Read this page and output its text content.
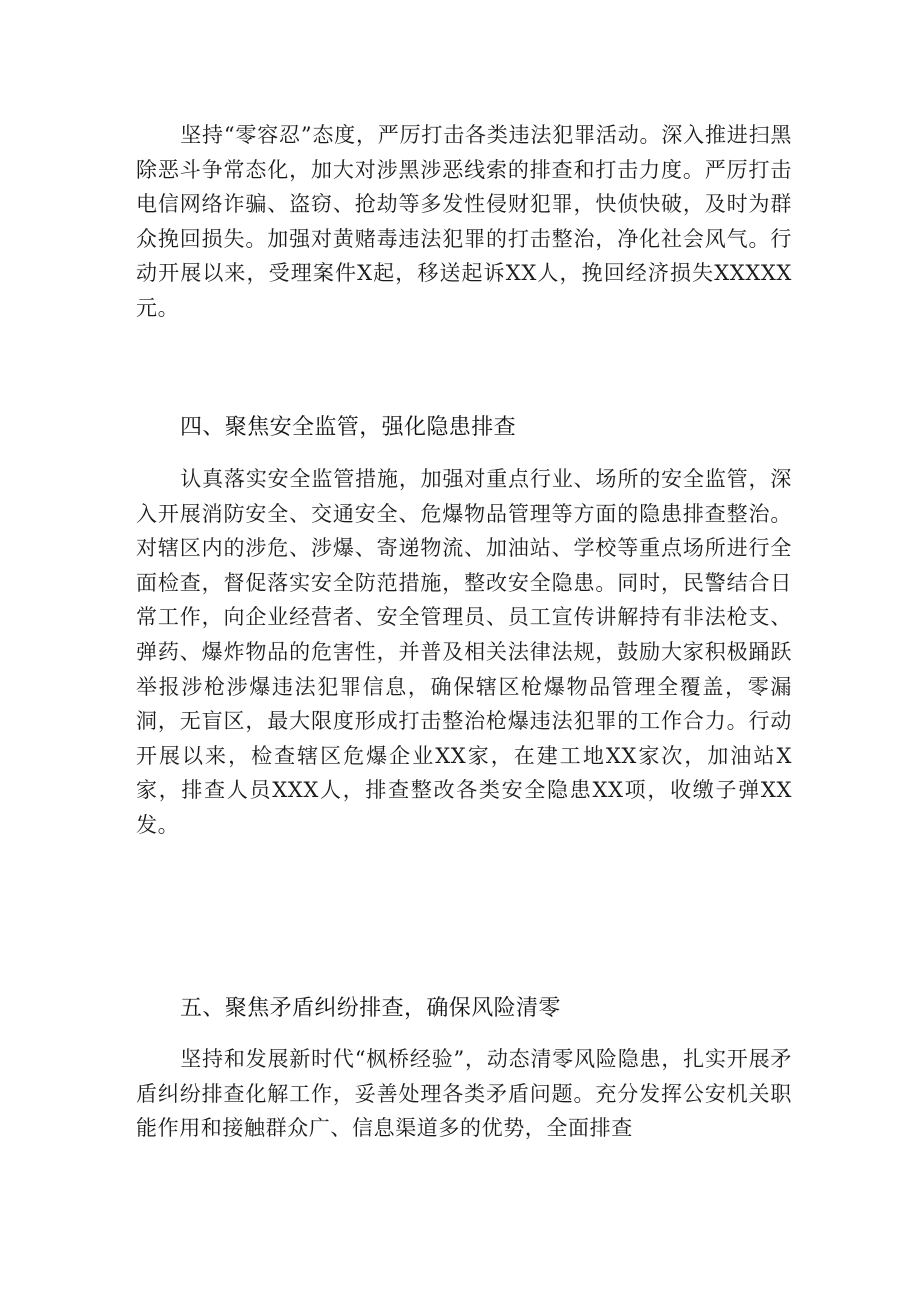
坚持“零容忍”态度，严厉打击各类违法犯罪活动。深入推进扫黑除恶斗争常态化，加大对涉黑涉恶线索的排查和打击力度。严厉打击电信网络诈骗、盗窃、抢劫等多发性侵财犯罪，快侦快破，及时为群众挽回损失。加强对黄赌毒违法犯罪的打击整治，净化社会风气。行动开展以来，受理案件X起，移送起诉XX人，挽回经济损失XXXXX元。

四、聚焦安全监管，强化隐患排查

认真落实安全监管措施，加强对重点行业、场所的安全监管，深入开展消防安全、交通安全、危爆物品管理等方面的隐患排查整治。对辖区内的涉危、涉爆、寄递物流、加油站、学校等重点场所进行全面检查，督促落实安全防范措施，整改安全隐患。同时，民警结合日常工作，向企业经营者、安全管理员、员工宣传讲解持有非法枪支、弹药、爆炸物品的危害性，并普及相关法律法规，鼓励大家积极踊跃举报涉枪涉爆违法犯罪信息，确保辖区枪爆物品管理全覆盖，零漏洞，无盲区，最大限度形成打击整治枪爆违法犯罪的工作合力。行动开展以来，检查辖区危爆企业XX家，在建工地XX家次，加油站X家，排查人员XXX人，排查整改各类安全隐患XX项，收缴子弹XX发。

五、聚焦矛盾纠纷排查，确保风险清零

坚持和发展新时代“枫桥经验”，动态清零风险隐患，扎实开展矛盾纠纷排查化解工作，妥善处理各类矛盾问题。充分发挥公安机关职能作用和接触群众广、信息渠道多的优势，全面排查
